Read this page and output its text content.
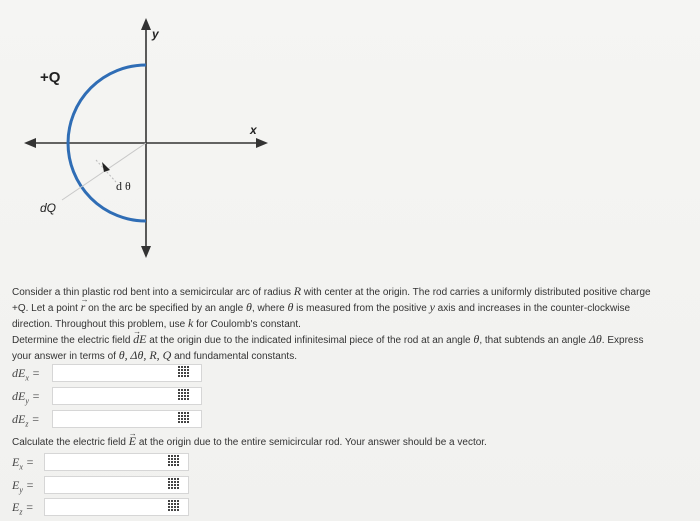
+Q
dQ
d θ
y
x
Consider a thin plastic rod bent into a semicircular arc of radius R with center at the origin. The rod carries a uniformly distributed positive charge
+Q. Let a point → r on the arc be specified by an angle θ, where θ is measured from the positive y axis and increases in the counter-clockwise
direction. Throughout this problem, use k for Coulomb's constant.
Determine the electric field → dE at the origin due to the indicated infinitesimal piece of the rod at an angle θ, that subtends an angle Δθ. Express
your answer in terms of θ, Δθ, R, Q and fundamental constants.
$dE_x$ =
$dE_y$ =
$dE_z$ =
Calculate the electric field → E at the origin due to the entire semicircular rod. Your answer should be a vector.
$E_x$ =
$E_y$ =
$E_z$ =
